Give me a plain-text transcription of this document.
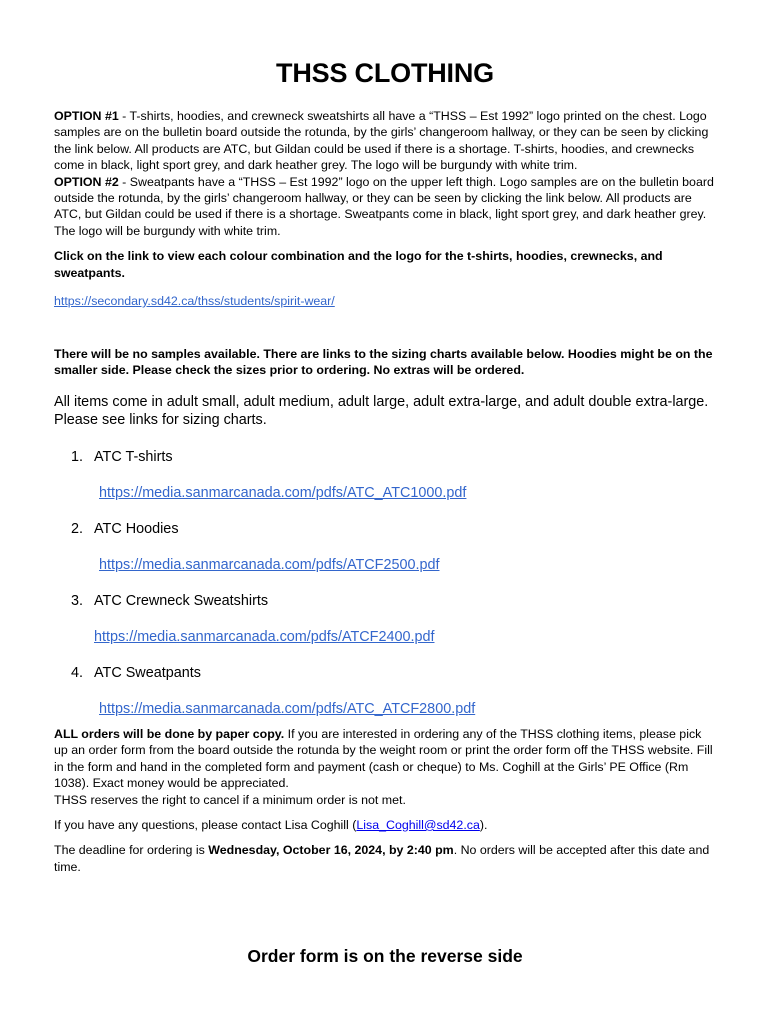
THSS CLOTHING

OPTION #1 - T-shirts, hoodies, and crewneck sweatshirts all have a “THSS – Est 1992” logo printed on the chest. Logo samples are on the bulletin board outside the rotunda, by the girls’ changeroom hallway, or they can be seen by clicking the link below. All products are ATC, but Gildan could be used if there is a shortage. T-shirts, hoodies, and crewnecks come in black, light sport grey, and dark heather grey. The logo will be burgundy with white trim.

OPTION #2 - Sweatpants have a “THSS – Est 1992” logo on the upper left thigh. Logo samples are on the bulletin board outside the rotunda, by the girls’ changeroom hallway, or they can be seen by clicking the link below. All products are ATC, but Gildan could be used if there is a shortage. Sweatpants come in black, light sport grey, and dark heather grey. The logo will be burgundy with white trim.

Click on the link to view each colour combination and the logo for the t-shirts, hoodies, crewnecks, and sweatpants.

https://secondary.sd42.ca/thss/students/spirit-wear/

There will be no samples available. There are links to the sizing charts available below. Hoodies might be on the smaller side. Please check the sizes prior to ordering. No extras will be ordered.

All items come in adult small, adult medium, adult large, adult extra-large, and adult double extra-large. Please see links for sizing charts.

1. ATC T-shirts
https://media.sanmarcanada.com/pdfs/ATC_ATC1000.pdf
2. ATC Hoodies
https://media.sanmarcanada.com/pdfs/ATCF2500.pdf
3. ATC Crewneck Sweatshirts
https://media.sanmarcanada.com/pdfs/ATCF2400.pdf
4. ATC Sweatpants
https://media.sanmarcanada.com/pdfs/ATC_ATCF2800.pdf

ALL orders will be done by paper copy. If you are interested in ordering any of the THSS clothing items, please pick up an order form from the board outside the rotunda by the weight room or print the order form off the THSS website. Fill in the form and hand in the completed form and payment (cash or cheque) to Ms. Coghill at the Girls’ PE Office (Rm 1038). Exact money would be appreciated.
THSS reserves the right to cancel if a minimum order is not met.

If you have any questions, please contact Lisa Coghill (Lisa_Coghill@sd42.ca).

The deadline for ordering is Wednesday, October 16, 2024, by 2:40 pm. No orders will be accepted after this date and time.

Order form is on the reverse side
